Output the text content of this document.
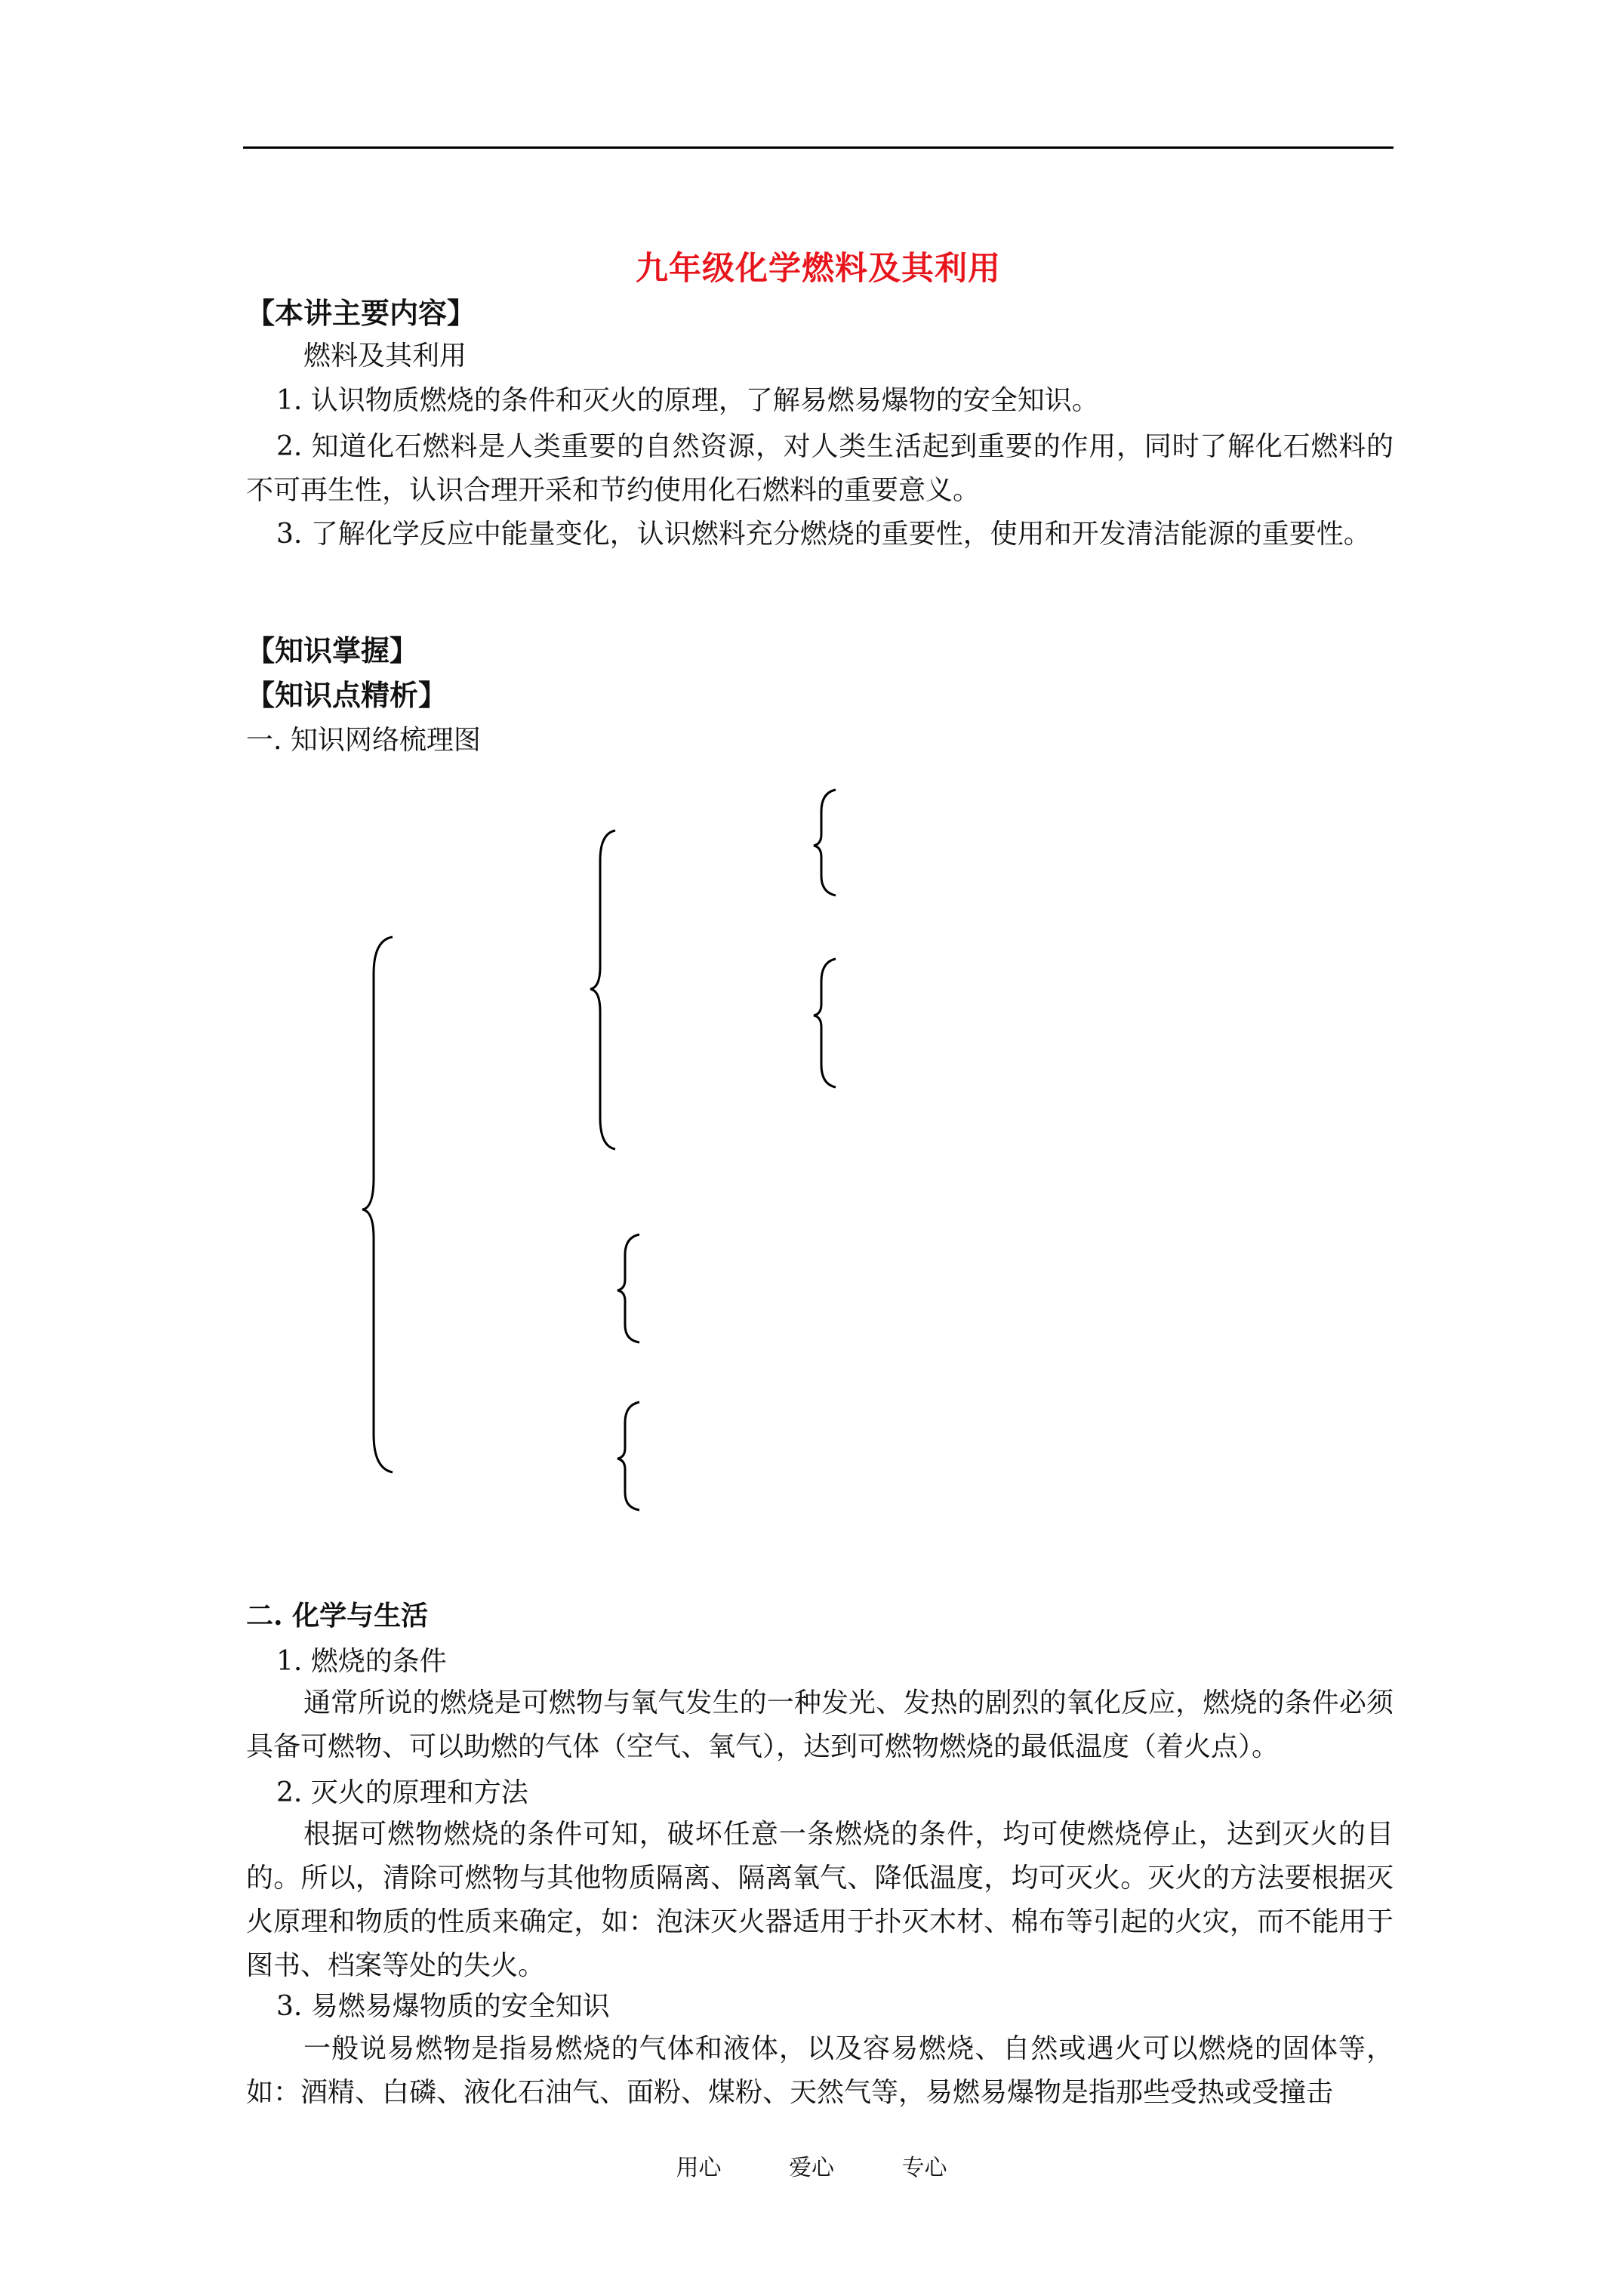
九年级化学燃料及其利用
【本讲主要内容】
燃料及其利用
1. 认识物质燃烧的条件和灭火的原理，了解易燃易爆物的安全知识。
2. 知道化石燃料是人类重要的自然资源，对人类生活起到重要的作用，同时了解化石燃料的不可再生性，认识合理开采和节约使用化石燃料的重要意义。
3. 了解化学反应中能量变化，认识燃料充分燃烧的重要性，使用和开发清洁能源的重要性。
【知识掌握】
【知识点精析】
一. 知识网络梳理图
二. 化学与生活
1. 燃烧的条件
通常所说的燃烧是可燃物与氧气发生的一种发光、发热的剧烈的氧化反应，燃烧的条件必须具备可燃物、可以助燃的气体（空气、氧气），达到可燃物燃烧的最低温度（着火点）。
2. 灭火的原理和方法
根据可燃物燃烧的条件可知，破坏任意一条燃烧的条件，均可使燃烧停止，达到灭火的目的。所以，清除可燃物与其他物质隔离、隔离氧气、降低温度，均可灭火。灭火的方法要根据灭火原理和物质的性质来确定，如：泡沫灭火器适用于扑灭木材、棉布等引起的火灾，而不能用于图书、档案等处的失火。
3. 易燃易爆物质的安全知识
一般说易燃物是指易燃烧的气体和液体，以及容易燃烧、自然或遇火可以燃烧的固体等，如：酒精、白磷、液化石油气、面粉、煤粉、天然气等，易燃易爆物是指那些受热或受撞击
用心	爱心	专心
